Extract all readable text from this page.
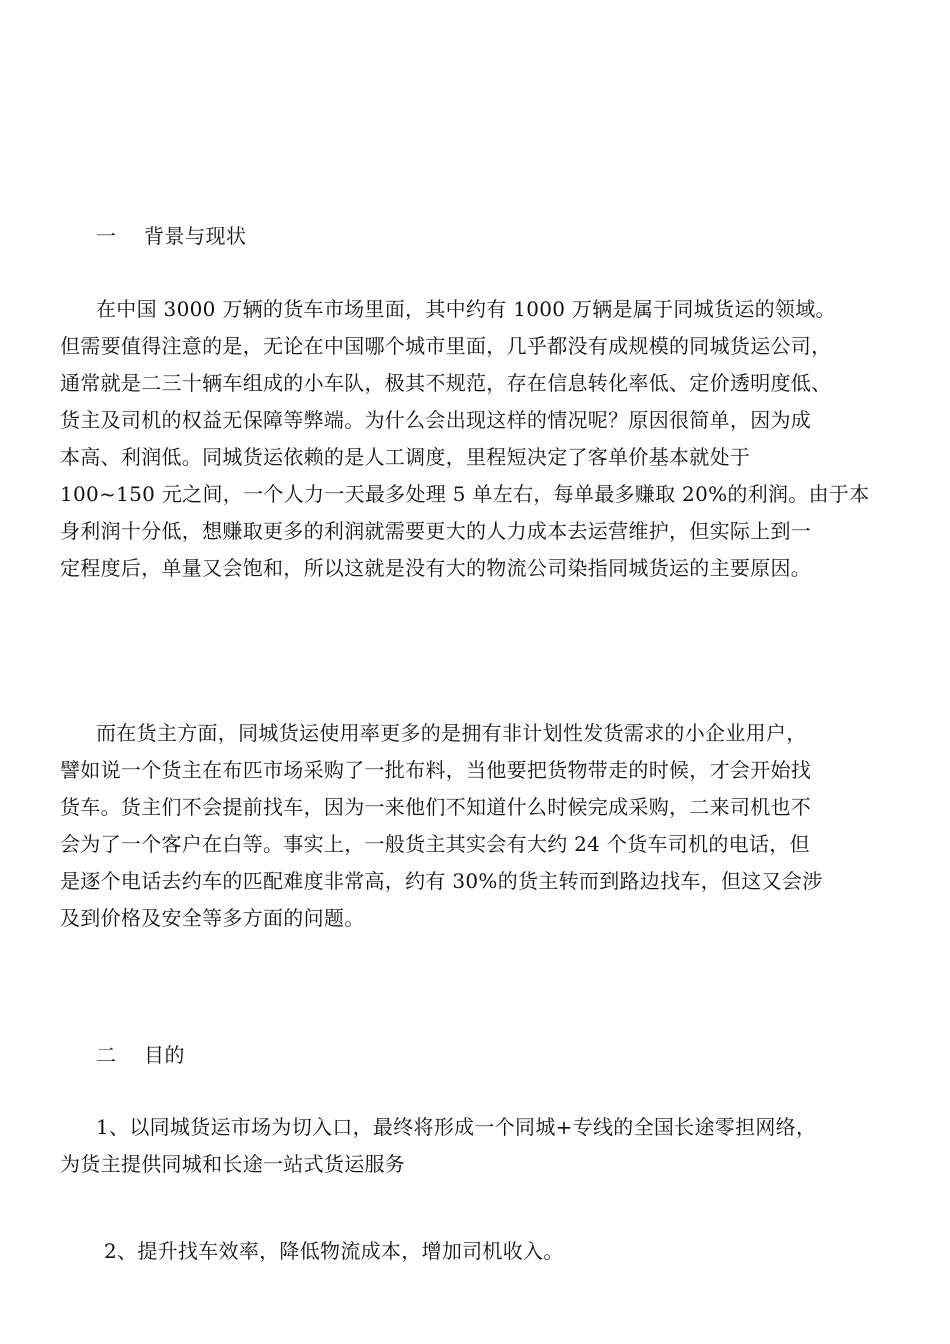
一 背景与现状
在中国 3000 万辆的货车市场里面，其中约有 1000 万辆是属于同城货运的领域。
但需要值得注意的是，无论在中国哪个城市里面，几乎都没有成规模的同城货运公司，
通常就是二三十辆车组成的小车队，极其不规范，存在信息转化率低、定价透明度低、
货主及司机的权益无保障等弊端。为什么会出现这样的情况呢？原因很简单，因为成
本高、利润低。同城货运依赖的是人工调度，里程短决定了客单价基本就处于
100~150 元之间，一个人力一天最多处理 5 单左右，每单最多赚取 20%的利润。由于本
身利润十分低，想赚取更多的利润就需要更大的人力成本去运营维护，但实际上到一
定程度后，单量又会饱和，所以这就是没有大的物流公司染指同城货运的主要原因。
而在货主方面，同城货运使用率更多的是拥有非计划性发货需求的小企业用户，
譬如说一个货主在布匹市场采购了一批布料，当他要把货物带走的时候，才会开始找
货车。货主们不会提前找车，因为一来他们不知道什么时候完成采购，二来司机也不
会为了一个客户在白等。事实上，一般货主其实会有大约 24 个货车司机的电话，但
是逐个电话去约车的匹配难度非常高，约有 30%的货主转而到路边找车，但这又会涉
及到价格及安全等多方面的问题。
二 目的
1、以同城货运市场为切入口，最终将形成一个同城+专线的全国长途零担网络，
为货主提供同城和长途一站式货运服务
2、提升找车效率，降低物流成本，增加司机收入。
